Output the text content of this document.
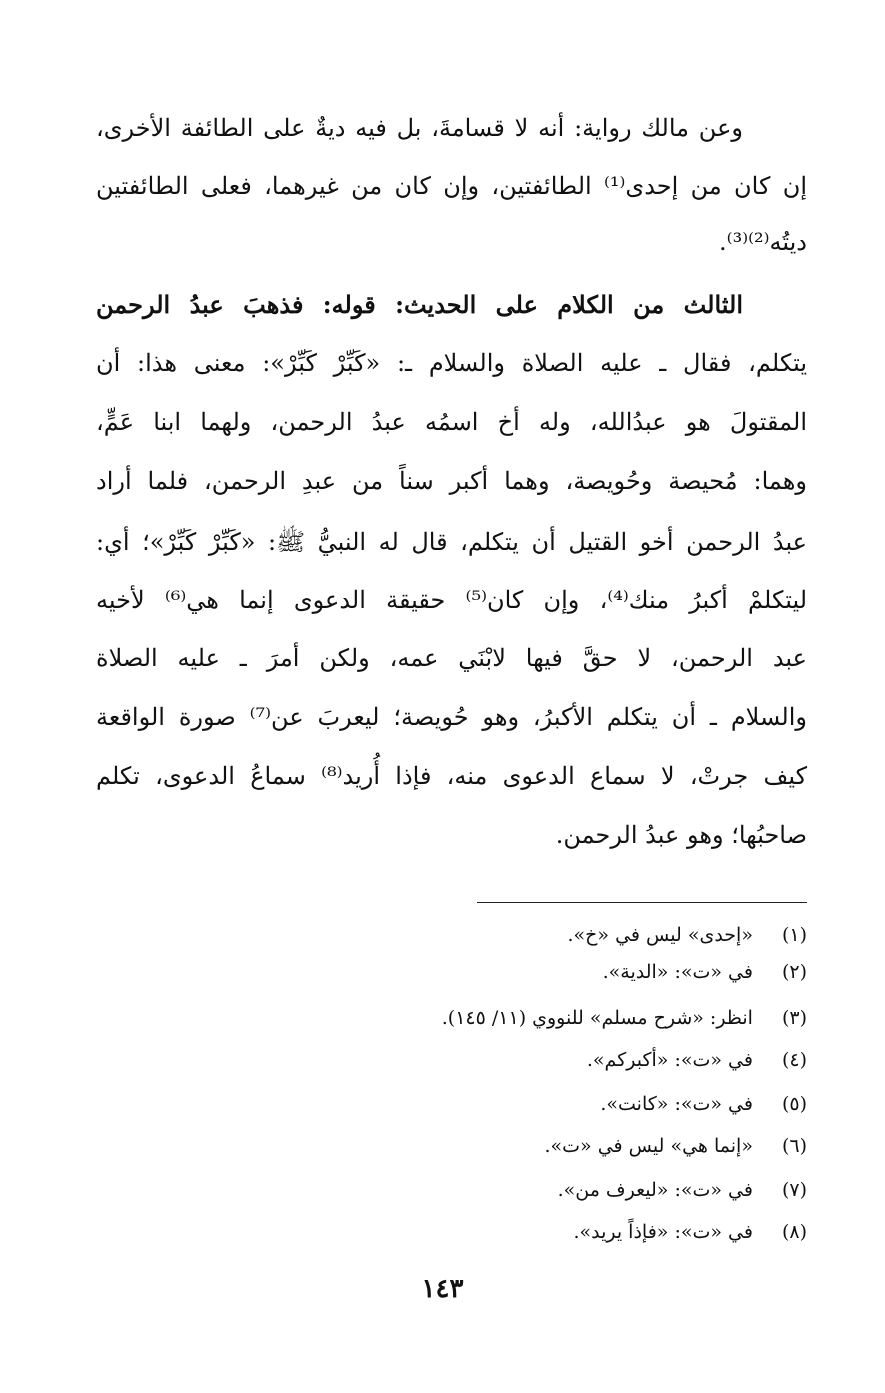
وعن مالك رواية: أنه لا قسامةَ، بل فيه ديةٌ على الطائفة الأخرى،
إن كان من إحدى⁽¹⁾ الطائفتين، وإن كان من غيرهما، فعلى الطائفتين
ديتُه⁽²⁾⁽³⁾.
الثالث من الكلام على الحديث: قوله: فذهبَ عبدُ الرحمن
يتكلم، فقال ـ عليه الصلاة والسلام ـ: «كَبِّرْ كَبِّرْ»: معنى هذا: أن
المقتولَ هو عبدُالله، وله أخ اسمُه عبدُ الرحمن، ولهما ابنا عَمٍّ،
وهما: مُحيصة وحُويصة، وهما أكبر سناً من عبدِ الرحمن، فلما أراد
عبدُ الرحمن أخو القتيل أن يتكلم، قال له النبيُّ ﷺ: «كَبِّرْ كَبِّرْ»؛ أي:
ليتكلمْ أكبرُ منك⁽⁴⁾، وإن كان⁽⁵⁾ حقيقة الدعوى إنما هي⁽⁶⁾ لأخيه
عبد الرحمن، لا حقَّ فيها لابْنَي عمه، ولكن أمرَ ـ عليه الصلاة
والسلام ـ أن يتكلم الأكبرُ، وهو حُويصة؛ ليعربَ عن⁽⁷⁾ صورة الواقعة
كيف جرتْ، لا سماع الدعوى منه، فإذا أُريد⁽⁸⁾ سماعُ الدعوى، تكلم
صاحبُها؛ وهو عبدُ الرحمن.
(١) «إحدى» ليس في «خ».
(٢) في «ت»: «الدية».
(٣) انظر: «شرح مسلم» للنووي (١١/ ١٤٥).
(٤) في «ت»: «أكبركم».
(٥) في «ت»: «كانت».
(٦) «إنما هي» ليس في «ت».
(٧) في «ت»: «ليعرف من».
(٨) في «ت»: «فإذاً يريد».
١٤٣
